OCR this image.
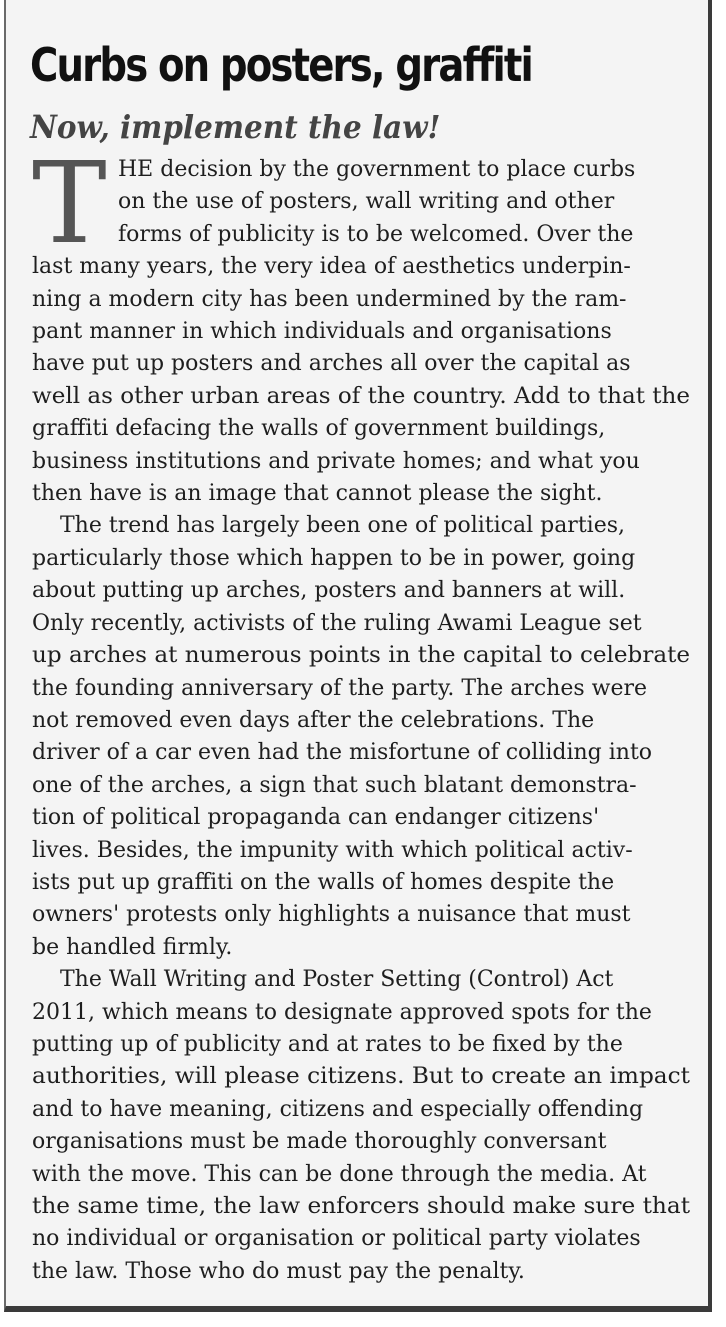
Curbs on posters, graffiti
Now, implement the law!
T HE decision by the government to place curbs
on the use of posters, wall writing and other
forms of publicity is to be welcomed. Over the
last many years, the very idea of aesthetics underpin-
ning a modern city has been undermined by the ram-
pant manner in which individuals and organisations
have put up posters and arches all over the capital as
well as other urban areas of the country. Add to that the
graffiti defacing the walls of government buildings,
business institutions and private homes; and what you
then have is an image that cannot please the sight.
The trend has largely been one of political parties,
particularly those which happen to be in power, going
about putting up arches, posters and banners at will.
Only recently, activists of the ruling Awami League set
up arches at numerous points in the capital to celebrate
the founding anniversary of the party. The arches were
not removed even days after the celebrations. The
driver of a car even had the misfortune of colliding into
one of the arches, a sign that such blatant demonstra-
tion of political propaganda can endanger citizens'
lives. Besides, the impunity with which political activ-
ists put up graffiti on the walls of homes despite the
owners' protests only highlights a nuisance that must
be handled firmly.
The Wall Writing and Poster Setting (Control) Act
2011, which means to designate approved spots for the
putting up of publicity and at rates to be fixed by the
authorities, will please citizens. But to create an impact
and to have meaning, citizens and especially offending
organisations must be made thoroughly conversant
with the move. This can be done through the media. At
the same time, the law enforcers should make sure that
no individual or organisation or political party violates
the law. Those who do must pay the penalty.
